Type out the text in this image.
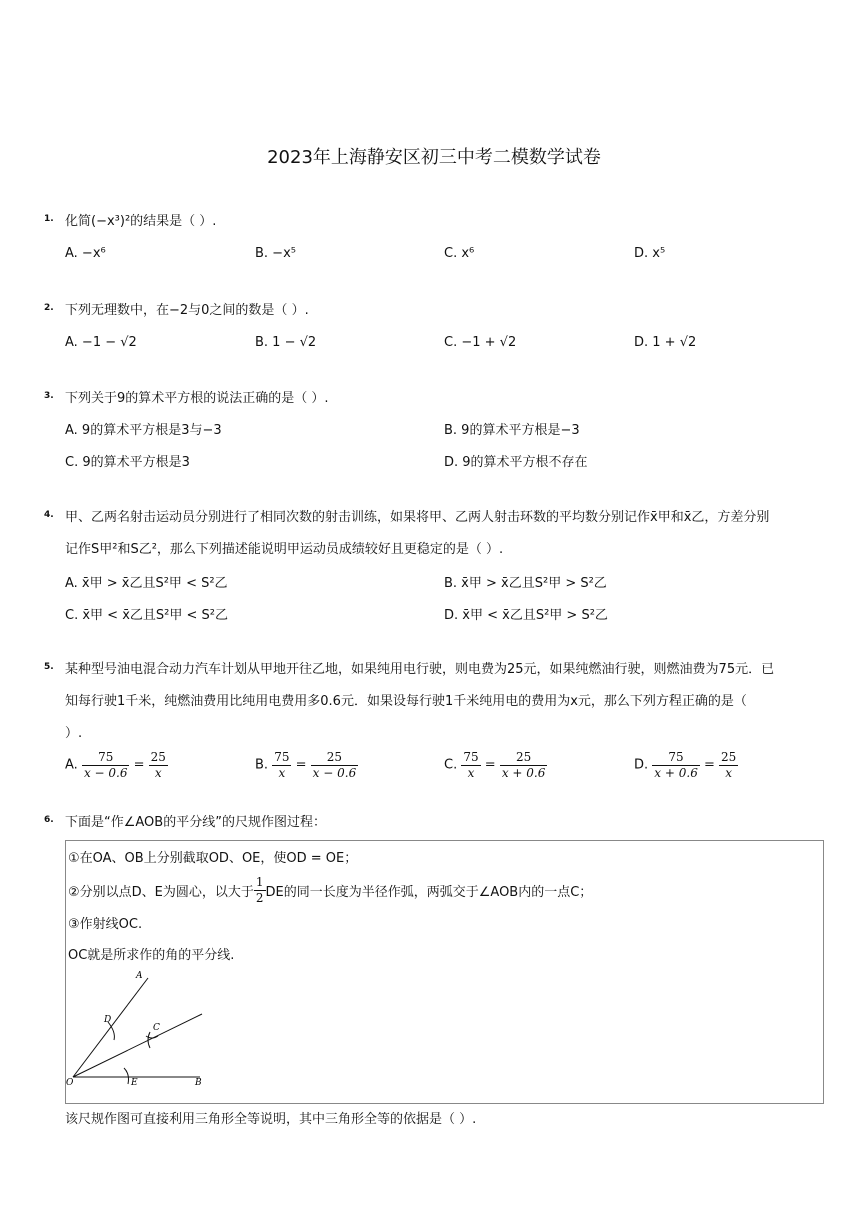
2023年上海静安区初三中考二模数学试卷
1. 化简(−x³)²的结果是（ ）.
A. −x⁶	B. −x⁵	C. x⁶	D. x⁵
2. 下列无理数中，在−2与0之间的数是（ ）.
A. −1 − √2	B. 1 − √2	C. −1 + √2	D. 1 + √2
3. 下列关于9的算术平方根的说法正确的是（ ）.
A. 9的算术平方根是3与−3	B. 9的算术平方根是−3
C. 9的算术平方根是3	D. 9的算术平方根不存在
4. 甲、乙两名射击运动员分别进行了相同次数的射击训练，如果将甲、乙两人射击环数的平均数分别记作x̄甲和x̄乙，方差分别
记作S甲²和S乙²，那么下列描述能说明甲运动员成绩较好且更稳定的是（ ）.
A. x̄甲 > x̄乙且S²甲 < S²乙	B. x̄甲 > x̄乙且S²甲 > S²乙
C. x̄甲 < x̄乙且S²甲 < S²乙	D. x̄甲 < x̄乙且S²甲 > S²乙
5. 某种型号油电混合动力汽车计划从甲地开往乙地，如果纯用电行驶，则电费为25元，如果纯燃油行驶，则燃油费为75元．已
知每行驶1千米，纯燃油费用比纯用电费用多0.6元．如果设每行驶1千米纯用电的费用为x元，那么下列方程正确的是（
）.
A. $\frac{75}{x - 0.6} = \frac{25}{x}$	B. $\frac{75}{x} = \frac{25}{x - 0.6}$	C. $\frac{75}{x} = \frac{25}{x + 0.6}$	D. $\frac{75}{x + 0.6} = \frac{25}{x}$
6. 下面是“作∠AOB的平分线”的尺规作图过程：
①在OA、OB上分别截取OD、OE，使OD = OE；
②分别以点D、E为圆心，以大于 $\frac{1}{2}$ DE的同一长度为半径作弧，两弧交于∠AOB内的一点C；
③作射线OC.
OC就是所求作的角的平分线.
A
D
C
O	E	B
该尺规作图可直接利用三角形全等说明，其中三角形全等的依据是（ ）.
